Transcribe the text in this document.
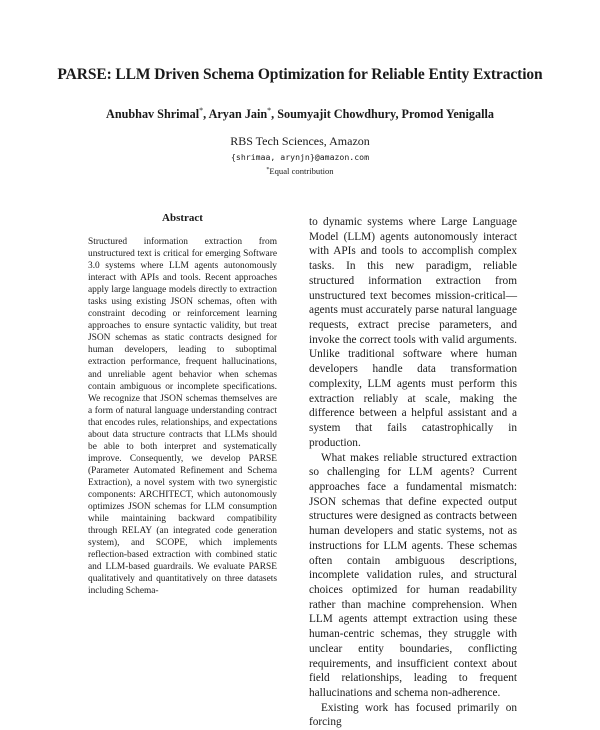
PARSE: LLM Driven Schema Optimization for Reliable Entity Extraction
Anubhav Shrimal*, Aryan Jain*, Soumyajit Chowdhury, Promod Yenigalla
RBS Tech Sciences, Amazon
{shrimaa, arynjn}@amazon.com
*Equal contribution
Abstract
Structured information extraction from unstructured text is critical for emerging Software 3.0 systems where LLM agents autonomously interact with APIs and tools. Recent approaches apply large language models directly to extraction tasks using existing JSON schemas, often with constraint decoding or reinforcement learning approaches to ensure syntactic validity, but treat JSON schemas as static contracts designed for human developers, leading to suboptimal extraction performance, frequent hallucinations, and unreliable agent behavior when schemas contain ambiguous or incomplete specifications. We recognize that JSON schemas themselves are a form of natural language understanding contract that encodes rules, relationships, and expectations about data structure contracts that LLMs should be able to both interpret and systematically improve. Consequently, we develop PARSE (Parameter Automated Refinement and Schema Extraction), a novel system with two synergistic components: ARCHITECT, which autonomously optimizes JSON schemas for LLM consumption while maintaining backward compatibility through RELAY (an integrated code generation system), and SCOPE, which implements reflection-based extraction with combined static and LLM-based guardrails. We evaluate PARSE qualitatively and quantitatively on three datasets including Schema-

to dynamic systems where Large Language Model (LLM) agents autonomously interact with APIs and tools to accomplish complex tasks. In this new paradigm, reliable structured information extraction from unstructured text becomes mission-critical—agents must accurately parse natural language requests, extract precise parameters, and invoke the correct tools with valid arguments. Unlike traditional software where human developers handle data transformation complexity, LLM agents must perform this extraction reliably at scale, making the difference between a helpful assistant and a system that fails catastrophically in production.

What makes reliable structured extraction so challenging for LLM agents? Current approaches face a fundamental mismatch: JSON schemas that define expected output structures were designed as contracts between human developers and static systems, not as instructions for LLM agents. These schemas often contain ambiguous descriptions, incomplete validation rules, and structural choices optimized for human readability rather than machine comprehension. When LLM agents attempt extraction using these human-centric schemas, they struggle with unclear entity boundaries, conflicting requirements, and insufficient context about field relationships, leading to frequent hallucinations and schema non-adherence.

Existing work has focused primarily on forcing
